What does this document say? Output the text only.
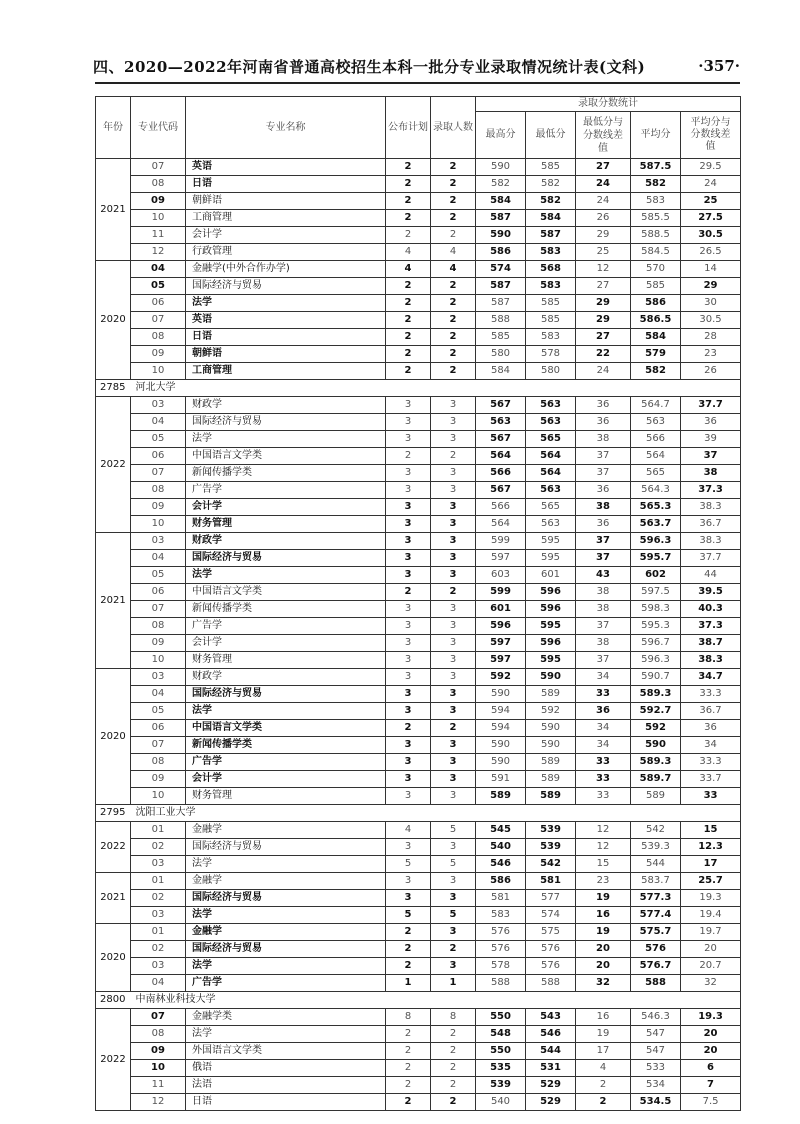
四、2020—2022年河南省普通高校招生本科一批分专业录取情况统计表(文科)	·357·
年份	专业代码	专业名称	公布计划	录取人数	录取分数统计				
					最高分	最低分	最低分与分数线差值	平均分	平均分与分数线差值
2021	07	英语	2	2	590	585	27	587.5	29.5
	08	日语	2	2	582	582	24	582	24
	09	朝鲜语	2	2	584	582	24	583	25
	10	工商管理	2	2	587	584	26	585.5	27.5
	11	会计学	2	2	590	587	29	588.5	30.5
	12	行政管理	4	4	586	583	25	584.5	26.5
2020	04	金融学(中外合作办学)	4	4	574	568	12	570	14
	05	国际经济与贸易	2	2	587	583	27	585	29
	06	法学	2	2	587	585	29	586	30
	07	英语	2	2	588	585	29	586.5	30.5
	08	日语	2	2	585	583	27	584	28
	09	朝鲜语	2	2	580	578	22	579	23
	10	工商管理	2	2	584	580	24	582	26
2785　河北大学									
2022	03	财政学	3	3	567	563	36	564.7	37.7
	04	国际经济与贸易	3	3	563	563	36	563	36
	05	法学	3	3	567	565	38	566	39
	06	中国语言文学类	2	2	564	564	37	564	37
	07	新闻传播学类	3	3	566	564	37	565	38
	08	广告学	3	3	567	563	36	564.3	37.3
	09	会计学	3	3	566	565	38	565.3	38.3
	10	财务管理	3	3	564	563	36	563.7	36.7
2021	03	财政学	3	3	599	595	37	596.3	38.3
	04	国际经济与贸易	3	3	597	595	37	595.7	37.7
	05	法学	3	3	603	601	43	602	44
	06	中国语言文学类	2	2	599	596	38	597.5	39.5
	07	新闻传播学类	3	3	601	596	38	598.3	40.3
	08	广告学	3	3	596	595	37	595.3	37.3
	09	会计学	3	3	597	596	38	596.7	38.7
	10	财务管理	3	3	597	595	37	596.3	38.3
2020	03	财政学	3	3	592	590	34	590.7	34.7
	04	国际经济与贸易	3	3	590	589	33	589.3	33.3
	05	法学	3	3	594	592	36	592.7	36.7
	06	中国语言文学类	2	2	594	590	34	592	36
	07	新闻传播学类	3	3	590	590	34	590	34
	08	广告学	3	3	590	589	33	589.3	33.3
	09	会计学	3	3	591	589	33	589.7	33.7
	10	财务管理	3	3	589	589	33	589	33
2795　沈阳工业大学									
2022	01	金融学	4	5	545	539	12	542	15
	02	国际经济与贸易	3	3	540	539	12	539.3	12.3
	03	法学	5	5	546	542	15	544	17
2021	01	金融学	3	3	586	581	23	583.7	25.7
	02	国际经济与贸易	3	3	581	577	19	577.3	19.3
	03	法学	5	5	583	574	16	577.4	19.4
2020	01	金融学	2	3	576	575	19	575.7	19.7
	02	国际经济与贸易	2	2	576	576	20	576	20
	03	法学	2	3	578	576	20	576.7	20.7
	04	广告学	1	1	588	588	32	588	32
2800　中南林业科技大学									
2022	07	金融学类	8	8	550	543	16	546.3	19.3
	08	法学	2	2	548	546	19	547	20
	09	外国语言文学类	2	2	550	544	17	547	20
	10	俄语	2	2	535	531	4	533	6
	11	法语	2	2	539	529	2	534	7
	12	日语	2	2	540	529	2	534.5	7.5
